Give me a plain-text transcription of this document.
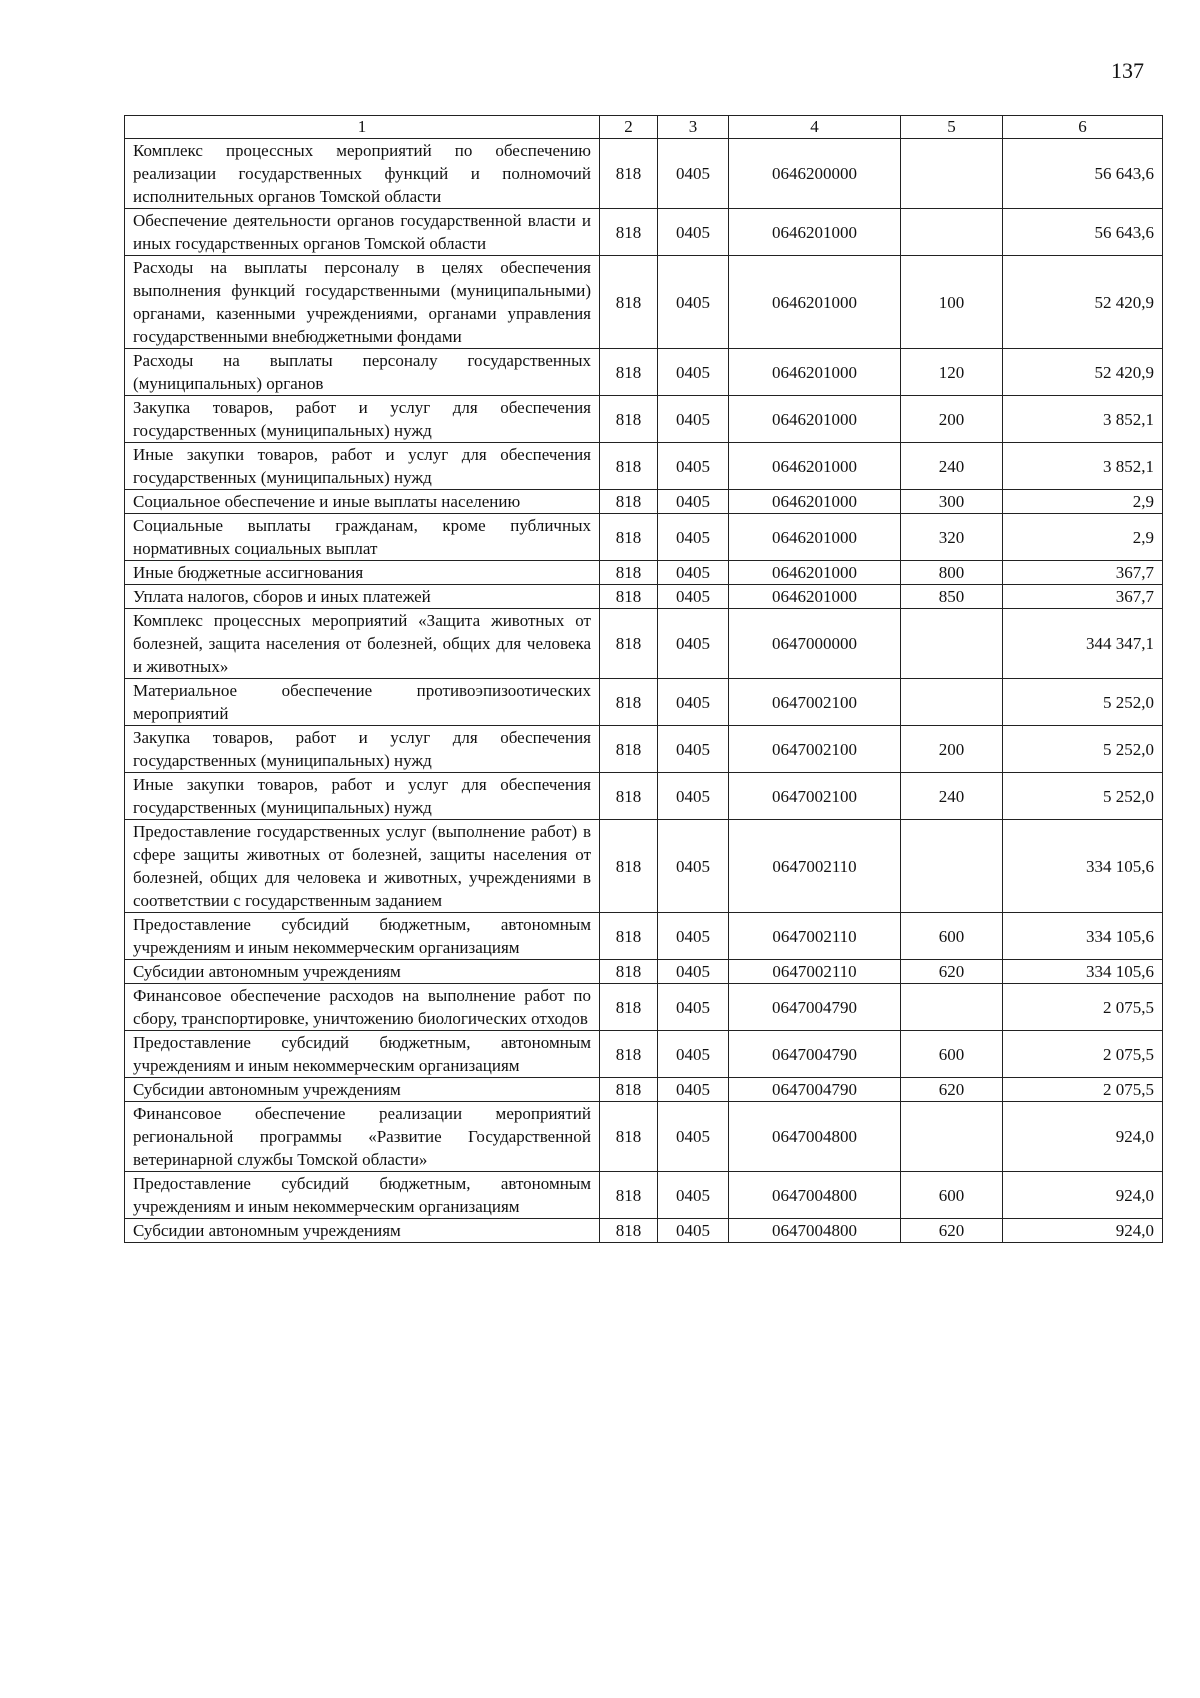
137
1	2	3	4	5	6
Комплекс процессных мероприятий по обеспечению реализации государственных функций и полномочий исполнительных органов Томской области	818	0405	0646200000		56 643,6
Обеспечение деятельности органов государственной власти и иных государственных органов Томской области	818	0405	0646201000		56 643,6
Расходы на выплаты персоналу в целях обеспечения выполнения функций государственными (муниципальными) органами, казенными учреждениями, органами управления государственными внебюджетными фондами	818	0405	0646201000	100	52 420,9
Расходы на выплаты персоналу государственных (муниципальных) органов	818	0405	0646201000	120	52 420,9
Закупка товаров, работ и услуг для обеспечения государственных (муниципальных) нужд	818	0405	0646201000	200	3 852,1
Иные закупки товаров, работ и услуг для обеспечения государственных (муниципальных) нужд	818	0405	0646201000	240	3 852,1
Социальное обеспечение и иные выплаты населению	818	0405	0646201000	300	2,9
Социальные выплаты гражданам, кроме публичных нормативных социальных выплат	818	0405	0646201000	320	2,9
Иные бюджетные ассигнования	818	0405	0646201000	800	367,7
Уплата налогов, сборов и иных платежей	818	0405	0646201000	850	367,7
Комплекс процессных мероприятий «Защита животных от болезней, защита населения от болезней, общих для человека и животных»	818	0405	0647000000		344 347,1
Материальное обеспечение противоэпизоотических мероприятий	818	0405	0647002100		5 252,0
Закупка товаров, работ и услуг для обеспечения государственных (муниципальных) нужд	818	0405	0647002100	200	5 252,0
Иные закупки товаров, работ и услуг для обеспечения государственных (муниципальных) нужд	818	0405	0647002100	240	5 252,0
Предоставление государственных услуг (выполнение работ) в сфере защиты животных от болезней, защиты населения от болезней, общих для человека и животных, учреждениями в соответствии с государственным заданием	818	0405	0647002110		334 105,6
Предоставление субсидий бюджетным, автономным учреждениям и иным некоммерческим организациям	818	0405	0647002110	600	334 105,6
Субсидии автономным учреждениям	818	0405	0647002110	620	334 105,6
Финансовое обеспечение расходов на выполнение работ по сбору, транспортировке, уничтожению биологических отходов	818	0405	0647004790		2 075,5
Предоставление субсидий бюджетным, автономным учреждениям и иным некоммерческим организациям	818	0405	0647004790	600	2 075,5
Субсидии автономным учреждениям	818	0405	0647004790	620	2 075,5
Финансовое обеспечение реализации мероприятий региональной программы «Развитие Государственной ветеринарной службы Томской области»	818	0405	0647004800		924,0
Предоставление субсидий бюджетным, автономным учреждениям и иным некоммерческим организациям	818	0405	0647004800	600	924,0
Субсидии автономным учреждениям	818	0405	0647004800	620	924,0
